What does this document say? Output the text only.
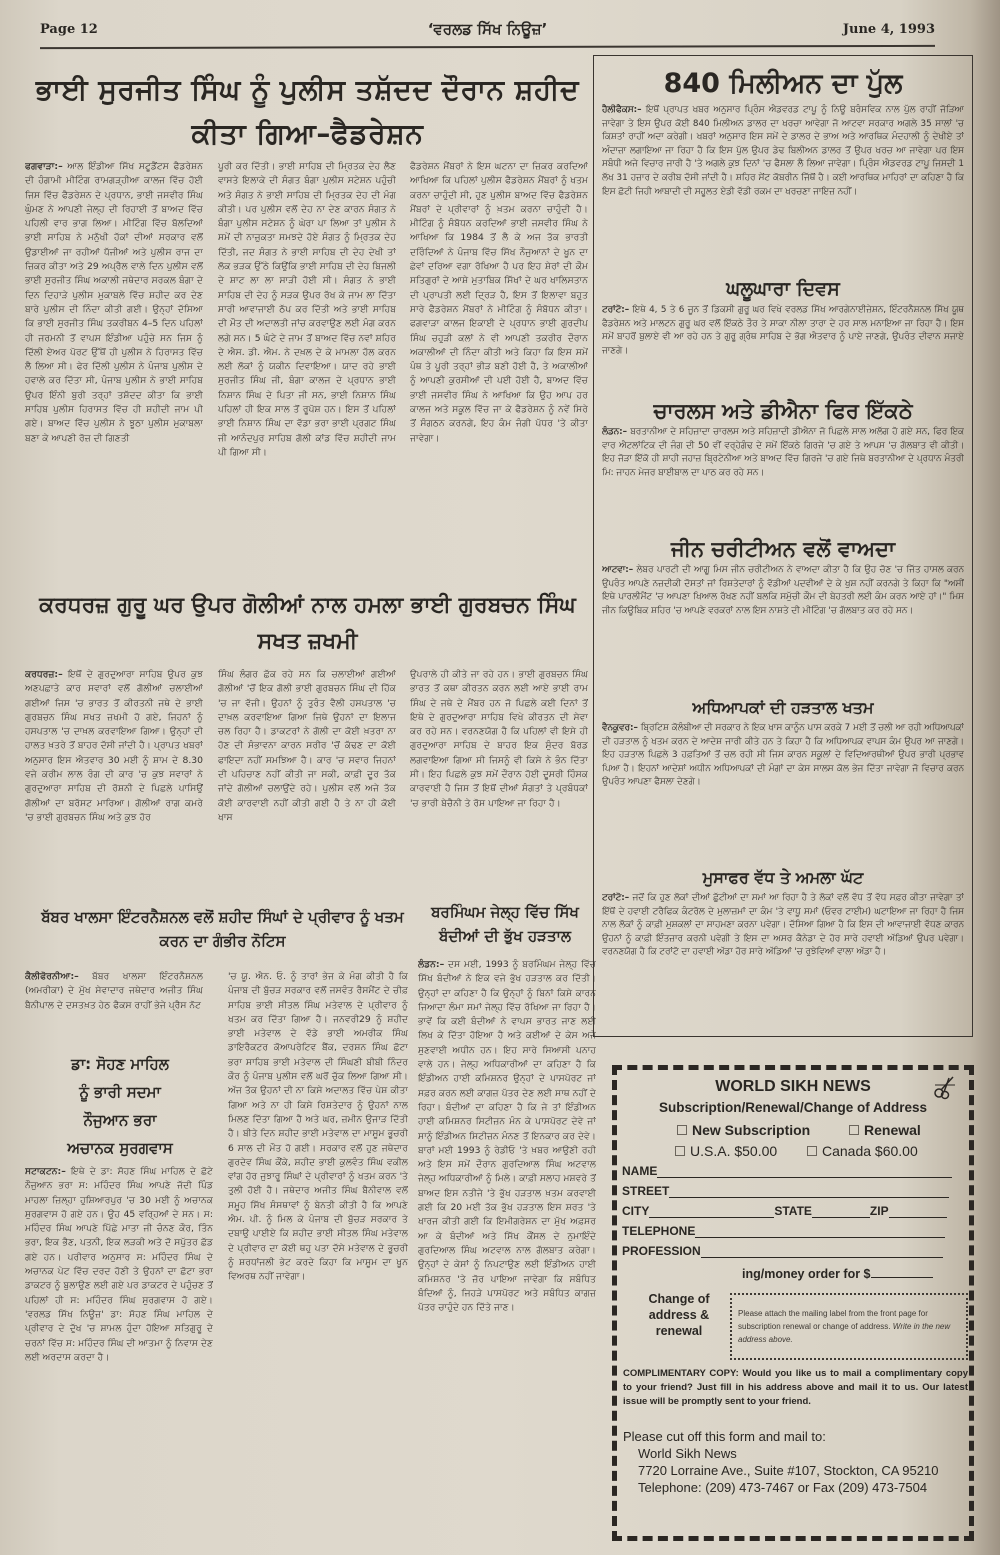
Page 12	‘ਵਰਲਡ ਸਿੱਖ ਨਿਊਜ਼’	June 4, 1993
ਭਾਈ ਸੁਰਜੀਤ ਸਿੰਘ ਨੂੰ ਪੁਲੀਸ ਤਸ਼ੱਦਦ ਦੌਰਾਨ ਸ਼ਹੀਦ ਕੀਤਾ ਗਿਆ–ਫੈਡਰੇਸ਼ਨ
ਫਗਵਾੜਾ:– ਆਲ ਇੰਡੀਆ ਸਿੱਖ ਸਟੂਡੈਂਟਸ ਫੈਡਰੇਸ਼ਨ ਦੀ ਹੰਗਾਮੀ ਮੀਟਿੰਗ ਰਾਮਗੜ੍ਹੀਆ ਕਾਲਜ ਵਿੱਚ ਹੋਈ ਜਿਸ ਵਿੱਚ ਫੈਡਰੇਸ਼ਨ ਦੇ ਪ੍ਰਧਾਨ, ਭਾਈ ਜਸਵੀਰ ਸਿੰਘ ਘੁੰਮਣ ਨੇ ਆਪਣੀ ਜੇਲ੍ਹ ਦੀ ਰਿਹਾਈ ਤੋਂ ਬਾਅਦ ਵਿੱਚ ਪਹਿਲੀ ਵਾਰ ਭਾਗ ਲਿਆ। ਮੀਟਿੰਗ ਵਿੱਚ ਬੋਲਦਿਆਂ ਭਾਈ ਸਾਹਿਬ ਨੇ ਮਨੁੱਖੀ ਹੱਕਾਂ ਦੀਆਂ ਸਰਕਾਰ ਵਲੋਂ ਉਡਾਈਆਂ ਜਾ ਰਹੀਆਂ ਧੱਜੀਆਂ ਅਤੇ ਪੁਲੀਸ ਰਾਜ ਦਾ ਜ਼ਿਕਰ ਕੀਤਾ ਅਤੇ 29 ਅਪ੍ਰੈਲ ਵਾਲੇ ਦਿਨ ਪੁਲੀਸ ਵਲੋਂ ਭਾਈ ਸੁਰਜੀਤ ਸਿੰਘ ਅਕਾਲੀ ਜਥੇਦਾਰ ਸਰਕਲ ਬੰਗਾ ਦੇ ਦਿਨ ਦਿਹਾੜੇ ਪੁਲੀਸ ਮੁਕਾਬਲੇ ਵਿੱਚ ਸ਼ਹੀਦ ਕਰ ਦੇਣ ਬਾਰੇ ਪੁਲੀਸ ਦੀ ਨਿੰਦਾ ਕੀਤੀ ਗਈ। ਉਨ੍ਹਾਂ ਦੱਸਿਆ ਕਿ ਭਾਈ ਸੁਰਜੀਤ ਸਿੰਘ ਤਕਰੀਬਨ 4–5 ਦਿਨ ਪਹਿਲਾਂ ਹੀ ਜਰਮਨੀ ਤੋਂ ਵਾਪਸ ਇੰਡੀਆ ਪਹੁੰਚੇ ਸਨ ਜਿਸ ਨੂੰ ਦਿੱਲੀ ਏਅਰ ਪੋਰਟ ਉੱਥੋਂ ਹੀ ਪੁਲੀਸ ਨੇ ਹਿਰਾਸਤ ਵਿੱਚ ਲੈ ਲਿਆ ਸੀ। ਫੇਰ ਦਿੱਲੀ ਪੁਲੀਸ ਨੇ ਪੰਜਾਬ ਪੁਲੀਸ ਦੇ ਹਵਾਲੇ ਕਰ ਦਿੱਤਾ ਸੀ, ਪੰਜਾਬ ਪੁਲੀਸ ਨੇ ਭਾਈ ਸਾਹਿਬ ਉਪਰ ਇੰਨੀ ਬੁਰੀ ਤਰ੍ਹਾਂ ਤਸ਼ੱਦਦ ਕੀਤਾ ਕਿ ਭਾਈ ਸਾਹਿਬ ਪੁਲੀਸ ਹਿਰਾਸਤ ਵਿੱਚ ਹੀ ਸ਼ਹੀਦੀ ਜਾਮ ਪੀ ਗਏ। ਬਾਅਦ ਵਿੱਚ ਪੁਲੀਸ ਨੇ ਝੂਠਾ ਪੁਲੀਸ ਮੁਕਾਬਲਾ ਬਣਾ ਕੇ ਆਪਣੀ ਰੋਜ਼ ਦੀ ਗਿਣਤੀ
ਪੂਰੀ ਕਰ ਦਿੱਤੀ। ਭਾਈ ਸਾਹਿਬ ਦੀ ਮ੍ਰਿਤਕ ਦੇਹ ਲੈਣ ਵਾਸਤੇ ਇਲਾਕੇ ਦੀ ਸੰਗਤ ਬੰਗਾ ਪੁਲੀਸ ਸਟੇਸ਼ਨ ਪਹੁੰਚੀ ਅਤੇ ਸੰਗਤ ਨੇ ਭਾਈ ਸਾਹਿਬ ਦੀ ਮ੍ਰਿਤਕ ਦੇਹ ਦੀ ਮੰਗ ਕੀਤੀ। ਪਰ ਪੁਲੀਸ ਵਲੋਂ ਦੇਹ ਨਾ ਦੇਣ ਕਾਰਨ ਸੰਗਤ ਨੇ ਬੰਗਾ ਪੁਲੀਸ ਸਟੇਸ਼ਨ ਨੂੰ ਘੇਰਾ ਪਾ ਲਿਆ ਤਾਂ ਪੁਲੀਸ ਨੇ ਸਮੇਂ ਦੀ ਨਾਜ਼ੁਕਤਾ ਸਮਝਦੇ ਹੋਏ ਸੰਗਤ ਨੂੰ ਮ੍ਰਿਤਕ ਦੇਹ ਦਿੱਤੀ, ਜਦ ਸੰਗਤ ਨੇ ਭਾਈ ਸਾਹਿਬ ਦੀ ਦੇਹ ਦੇਖੀ ਤਾਂ ਲੋਕ ਭੜਕ ਉੱਠੇ ਕਿਉਂਕਿ ਭਾਈ ਸਾਹਿਬ ਦੀ ਦੇਹ ਬਿਜਲੀ ਦੇ ਸ਼ਾਟ ਲਾ ਲਾ ਸਾੜੀ ਹੋਈ ਸੀ। ਸੰਗਤ ਨੇ ਭਾਈ ਸਾਹਿਬ ਦੀ ਦੇਹ ਨੂੰ ਸੜਕ ਉਪਰ ਰੱਖ ਕੇ ਜਾਮ ਲਾ ਦਿੱਤਾ ਸਾਰੀ ਆਵਾਜਾਈ ਠੱਪ ਕਰ ਦਿੱਤੀ ਅਤੇ ਭਾਈ ਸਾਹਿਬ ਦੀ ਮੌਤ ਦੀ ਅਦਾਲਤੀ ਜਾਂਚ ਕਰਵਾਉਣ ਲਈ ਮੰਗ ਕਰਨ ਲਗੇ ਸਨ। 5 ਘੰਟੇ ਦੇ ਜਾਮ ਤੋਂ ਬਾਅਦ ਵਿੱਚ ਨਵਾਂ ਸ਼ਹਿਰ ਦੇ ਐਸ. ਡੀ. ਐਮ. ਨੇ ਦਖ਼ਲ ਦੇ ਕੇ ਮਾਮਲਾ ਹੱਲ ਕਰਨ ਲਈ ਲੋਕਾਂ ਨੂੰ ਯਕੀਨ ਦਿਵਾਇਆ। ਯਾਦ ਰਹੇ ਭਾਈ ਸੁਰਜੀਤ ਸਿੰਘ ਜੀ, ਬੰਗਾ ਕਾਲਜ ਦੇ ਪ੍ਰਧਾਨ ਭਾਈ ਨਿਸ਼ਾਨ ਸਿੰਘ ਦੇ ਪਿਤਾ ਜੀ ਸਨ, ਭਾਈ ਨਿਸ਼ਾਨ ਸਿੰਘ ਪਹਿਲਾਂ ਹੀ ਇਕ ਸਾਲ ਤੋਂ ਰੂਪੋਸ਼ ਹਨ। ਇਸ ਤੋਂ ਪਹਿਲਾਂ ਭਾਈ ਨਿਸ਼ਾਨ ਸਿੰਘ ਦਾ ਵੱਡਾ ਭਰਾ ਭਾਈ ਪ੍ਰਗਟ ਸਿੰਘ ਜੀ ਆਨੰਦਪੁਰ ਸਾਹਿਬ ਗੋਲੀ ਕਾਂਡ ਵਿੱਚ ਸ਼ਹੀਦੀ ਜਾਮ ਪੀ ਗਿਆ ਸੀ।
ਫੈਡਰੇਸ਼ਨ ਮੈਂਬਰਾਂ ਨੇ ਇਸ ਘਟਨਾ ਦਾ ਜ਼ਿਕਰ ਕਰਦਿਆਂ ਆਖਿਆ ਕਿ ਪਹਿਲਾਂ ਪੁਲੀਸ ਫੈਡਰੇਸ਼ਨ ਮੈਂਬਰਾਂ ਨੂੰ ਖਤਮ ਕਰਨਾ ਚਾਹੁੰਦੀ ਸੀ, ਹੁਣ ਪੁਲੀਸ ਬਾਅਦ ਵਿੱਚ ਫੈਡਰੇਸ਼ਨ ਮੈਂਬਰਾਂ ਦੇ ਪ੍ਰੀਵਾਰਾਂ ਨੂੰ ਖ਼ਤਮ ਕਰਨਾ ਚਾਹੁੰਦੀ ਹੈ। ਮੀਟਿੰਗ ਨੂੰ ਸੰਬੋਧਨ ਕਰਦਿਆਂ ਭਾਈ ਜਸਵੀਰ ਸਿੰਘ ਨੇ ਆਖਿਆ ਕਿ 1984 ਤੋਂ ਲੈ ਕੇ ਅਜ ਤੱਕ ਭਾਰਤੀ ਦਰਿੰਦਿਆਂ ਨੇ ਪੰਜਾਬ ਵਿੱਚ ਸਿੱਖ ਨੌਜੁਆਨਾਂ ਦੇ ਖੂਨ ਦਾ ਛੇਵਾਂ ਦਰਿਆ ਵਗਾ ਰੱਖਿਆ ਹੈ ਪਰ ਇਹ ਸ਼ੇਰਾਂ ਦੀ ਕੌਮ ਸਤਿਗੁਰਾਂ ਦੇ ਆਸ਼ੇ ਮੁਤਾਬਿਕ ਸਿੱਖਾਂ ਦੇ ਘਰ ਖਾਲਿਸਤਾਨ ਦੀ ਪ੍ਰਾਪਤੀ ਲਈ ਦ੍ਰਿੜ ਹੈ, ਇਸ ਤੋਂ ਇਲਾਵਾ ਬਹੁਤ ਸਾਰੇ ਫੈਡਰੇਸ਼ਨ ਮੈਂਬਰਾਂ ਨੇ ਮੀਟਿੰਗ ਨੂੰ ਸੰਬੋਧਨ ਕੀਤਾ। ਫਗਵਾੜਾ ਕਾਲਜ ਇਕਾਈ ਦੇ ਪ੍ਰਧਾਨ ਭਾਈ ਗੁਰਦੀਪ ਸਿੰਘ ਚਹੁੜੀ ਕਲਾਂ ਨੇ ਵੀ ਆਪਣੀ ਤਕਰੀਰ ਦੌਰਾਨ ਅਕਾਲੀਆਂ ਦੀ ਨਿੰਦਾ ਕੀਤੀ ਅਤੇ ਕਿਹਾ ਕਿ ਇਸ ਸਮੇਂ ਪੰਥ ਤੇ ਪੂਰੀ ਤਰ੍ਹਾਂ ਭੀੜ ਬਣੀ ਹੋਈ ਹੈ, ਤੇ ਅਕਾਲੀਆਂ ਨੂੰ ਆਪਣੀ ਕੁਰਸੀਆਂ ਦੀ ਪਈ ਹੋਈ ਹੈ, ਬਾਅਦ ਵਿੱਚ ਭਾਈ ਜਸਵੀਰ ਸਿੰਘ ਨੇ ਆਖਿਆ ਕਿ ਉਹ ਆਪ ਹਰ ਕਾਲਜ ਅਤੇ ਸਕੂਲ ਵਿੱਚ ਜਾ ਕੇ ਫੈਡਰੇਸ਼ਨ ਨੂੰ ਨਵੇਂ ਸਿਰੇ ਤੋਂ ਸੰਗਠਨ ਕਰਨਗੇ, ਇਹ ਕੰਮ ਜੰਗੀ ਪੱਧਰ 'ਤੇ ਕੀਤਾ ਜਾਵੇਗਾ।
ਕਰਧਰਜ਼ ਗੁਰੂ ਘਰ ਉਪਰ ਗੋਲੀਆਂ ਨਾਲ ਹਮਲਾ ਭਾਈ ਗੁਰਬਚਨ ਸਿੰਘ ਸਖਤ ਜ਼ਖਮੀ
ਕਰਧਰਜ਼:– ਇਥੋਂ ਦੇ ਗੁਰਦੁਆਰਾ ਸਾਹਿਬ ਉਪਰ ਕੁਝ ਅਣਪਛਾਤੇ ਕਾਰ ਸਵਾਰਾਂ ਵਲੋਂ ਗੋਲੀਆਂ ਚਲਾਈਆਂ ਗਈਆਂ ਜਿਸ 'ਚ ਭਾਰਤ ਤੋਂ ਕੀਰਤਨੀ ਜਥੇ ਦੇ ਭਾਈ ਗੁਰਬਚਨ ਸਿੰਘ ਸਖਤ ਜ਼ਖਮੀ ਹੋ ਗਏ, ਜਿਹਨਾਂ ਨੂੰ ਹਸਪਤਾਲ 'ਚ ਦਾਖ਼ਲ ਕਰਵਾਇਆ ਗਿਆ। ਉਨ੍ਹਾਂ ਦੀ ਹਾਲਤ ਖ਼ਤਰੇ ਤੋਂ ਬਾਹਰ ਦੱਸੀ ਜਾਂਦੀ ਹੈ। ਪ੍ਰਾਪਤ ਖਬਰਾਂ ਅਨੁਸਾਰ ਇਸ ਐਤਵਾਰ 30 ਮਈ ਨੂੰ ਸ਼ਾਮ ਦੇ 8.30 ਵਜੇ ਕਰੀਮ ਲਾਲ ਰੰਗ ਦੀ ਕਾਰ 'ਚ ਕੁਝ ਸਵਾਰਾਂ ਨੇ ਗੁਰਦੁਆਰਾ ਸਾਹਿਬ ਦੀ ਰੋਸ਼ਨੀ ਦੇ ਪਿਛਲੇ ਪਾਸਿਉਂ ਗੋਲੀਆਂ ਦਾ ਬਰੱਸਟ ਮਾਰਿਆ। ਗੋਲੀਆਂ ਰਾਗ ਕਮਰੇ 'ਚ ਭਾਈ ਗੁਰਬਚਨ ਸਿੰਘ ਅਤੇ ਕੁਝ ਹੋਰ
ਸਿੰਘ ਲੰਗਰ ਛੱਕ ਰਹੇ ਸਨ ਕਿ ਚਲਾਈਆਂ ਗਈਆਂ ਗੋਲੀਆਂ 'ਚੋਂ ਇਕ ਗੋਲੀ ਭਾਈ ਗੁਰਬਚਨ ਸਿੰਘ ਦੀ ਹਿੱਕ 'ਚ ਜਾ ਵੱਜੀ। ਉਹਨਾਂ ਨੂੰ ਤੁਰੰਤ ਵੈਲੀ ਹਸਪਤਾਲ 'ਚ ਦਾਖ਼ਲ ਕਰਵਾਇਆ ਗਿਆ ਜਿਥੇ ਉਹਨਾਂ ਦਾ ਇਲਾਜ ਚਲ ਰਿਹਾ ਹੈ। ਡਾਕਟਰਾਂ ਨੇ ਗੋਲੀ ਦਾ ਕੋਈ ਖ਼ਤਰਾ ਨਾ ਹੋਣ ਦੀ ਸੰਭਾਵਨਾ ਕਾਰਨ ਸਰੀਰ 'ਚੋਂ ਕੱਢਣ ਦਾ ਕੋਈ ਫਾਇਦਾ ਨਹੀਂ ਸਮਝਿਆ ਹੈ। ਕਾਰ 'ਚ ਸਵਾਰ ਜਿਹਨਾਂ ਦੀ ਪਹਿਚਾਣ ਨਹੀਂ ਕੀਤੀ ਜਾ ਸਕੀ, ਕਾਫ਼ੀ ਦੂਰ ਤੱਕ ਜਾਂਦੇ ਗੋਲੀਆਂ ਚਲਾਉਂਦੇ ਰਹੇ। ਪੁਲੀਸ ਵਲੋਂ ਅਜੇ ਤੱਕ ਕੋਈ ਕਾਰਵਾਈ ਨਹੀਂ ਕੀਤੀ ਗਈ ਹੈ ਤੇ ਨਾ ਹੀ ਕੋਈ ਖਾਸ
ਉਪਰਾਲੇ ਹੀ ਕੀਤੇ ਜਾ ਰਹੇ ਹਨ। ਭਾਈ ਗੁਰਬਚਨ ਸਿੰਘ ਭਾਰਤ ਤੋਂ ਕਥਾ ਕੀਰਤਨ ਕਰਨ ਲਈ ਆਏ ਭਾਈ ਰਾਮ ਸਿੰਘ ਦੇ ਜਥੇ ਦੇ ਮੈਂਬਰ ਹਨ ਜੋ ਪਿਛਲੇ ਕਈ ਦਿਨਾਂ ਤੋਂ ਇਥੇ ਦੇ ਗੁਰਦੁਆਰਾ ਸਾਹਿਬ ਵਿਖੇ ਕੀਰਤਨ ਦੀ ਸੇਵਾ ਕਰ ਰਹੇ ਸਨ। ਵਰਨਣਯੋਗ ਹੈ ਕਿ ਪਹਿਲਾਂ ਵੀ ਇਸੇ ਹੀ ਗੁਰਦੁਆਰਾ ਸਾਹਿਬ ਦੇ ਬਾਹਰ ਇਕ ਸੁੰਦਰ ਬੋਰਡ ਲਗਵਾਇਆ ਗਿਆ ਸੀ ਜਿਸਨੂੰ ਵੀ ਕਿਸੇ ਨੇ ਭੰਨ ਦਿੱਤਾ ਸੀ। ਇਹ ਪਿਛਲੇ ਕੁਝ ਸਮੇਂ ਦੌਰਾਨ ਹੋਈ ਦੂਸਰੀ ਹਿੰਸਕ ਕਾਰਵਾਈ ਹੈ ਜਿਸ ਤੋਂ ਇਥੋਂ ਦੀਆਂ ਸੰਗਤਾਂ ਤੇ ਪ੍ਰਬੰਧਕਾਂ 'ਚ ਭਾਰੀ ਬੇਚੈਨੀ ਤੇ ਰੋਸ ਪਾਇਆ ਜਾ ਰਿਹਾ ਹੈ।
ਬੱਬਰ ਖਾਲਸਾ ਇੰਟਰਨੈਸ਼ਨਲ ਵਲੋਂ ਸ਼ਹੀਦ ਸਿੰਘਾਂ ਦੇ ਪ੍ਰੀਵਾਰ ਨੂੰ ਖਤਮ ਕਰਨ ਦਾ ਗੰਭੀਰ ਨੋਟਿਸ
ਕੈਲੀਫੋਰਨੀਆ:– ਬੱਬਰ ਖਾਲਸਾ ਇੰਟਰਨੈਸ਼ਨਲ (ਅਮਰੀਕਾ) ਦੇ ਮੁੱਖ ਸੇਵਾਦਾਰ ਜਥੇਦਾਰ ਅਜੀਤ ਸਿੰਘ ਬੈਨੀਪਾਲ ਦੇ ਦਸਤਖ਼ਤ ਹੇਠ ਫੈਕਸ ਰਾਹੀਂ ਭੇਜੇ ਪ੍ਰੈਸ ਨੋਟ
'ਚ ਯੂ. ਐਨ. ਓ. ਨੂੰ ਤਾਰਾਂ ਭੇਜ ਕੇ ਮੰਗ ਕੀਤੀ ਹੈ ਕਿ ਪੰਜਾਬ ਦੀ ਬੁੱਚੜ ਸਰਕਾਰ ਵਲੋਂ ਜਸਵੰਤ ਰੈਸਮੈਂਟ ਦੇ ਚੀਫ਼ ਸਾਹਿਬ ਭਾਈ ਸੀਤਲ ਸਿੰਘ ਮਤੇਵਾਲ ਦੇ ਪ੍ਰੀਵਾਰ ਨੂੰ ਖਤਮ ਕਰ ਦਿੱਤਾ ਗਿਆ ਹੈ। ਜਨਵਰੀ29 ਨੂੰ ਸ਼ਹੀਦ ਭਾਈ ਮਤੇਵਾਲ ਦੇ ਵੱਡੇ ਭਾਈ ਅਮਰੀਕ ਸਿੰਘ ਡਾਇਰੈਕਟਰ ਕੋਆਪਰੇਟਿਵ ਬੈਂਕ, ਦਰਸ਼ਨ ਸਿੰਘ ਛੋਟਾ ਭਰਾ ਸਾਹਿਬ ਭਾਈ ਮਤੇਵਾਲ ਦੀ ਸਿੰਘਣੀ ਬੀਬੀ ਨਿੰਦਰ ਕੌਰ ਨੂੰ ਪੰਜਾਬ ਪੁਲੀਸ ਵਲੋਂ ਘਰੋਂ ਚੁੱਕ ਲਿਆ ਗਿਆ ਸੀ। ਅੱਜ ਤੱਕ ਉਹਨਾਂ ਦੀ ਨਾ ਕਿਸੇ ਅਦਾਲਤ ਵਿੱਚ ਪੇਸ਼ ਕੀਤਾ ਗਿਆ ਅਤੇ ਨਾ ਹੀ ਕਿਸੇ ਰਿਸ਼ਤੇਦਾਰ ਨੂੰ ਉਹਨਾਂ ਨਾਲ ਮਿਲਣ ਦਿੱਤਾ ਗਿਆ ਹੈ ਅਤੇ ਘਰ, ਜ਼ਮੀਨ ਉਜਾੜ ਦਿੱਤੀ ਹੈ। ਬੀਤੇ ਦਿਨ ਸ਼ਹੀਦ ਭਾਈ ਮਤੇਵਾਲ ਦਾ ਮਾਸੂਮ ਭੂਚਰੀ 6 ਸਾਲ ਦੀ ਮੌਤ ਹੋ ਗਈ। ਸਰਕਾਰ ਵਲੋਂ ਹੁਣ ਜਥੇਦਾਰ ਗੁਰਦੇਵ ਸਿੰਘ ਕੌਂਕੇ, ਸ਼ਹੀਦ ਭਾਈ ਕੁਲਵੰਤ ਸਿੰਘ ਵਕੀਲ ਵਾਂਗ ਹੋਰ ਜੁਝਾਰੂ ਸਿੰਘਾਂ ਦੇ ਪ੍ਰੀਵਾਰਾਂ ਨੂੰ ਖਤਮ ਕਰਨ 'ਤੇ ਤੁਲੀ ਹੋਈ ਹੈ। ਜਥੇਦਾਰ ਅਜੀਤ ਸਿੰਘ ਬੈਨੀਵਾਲ ਵਲੋਂ ਸਮੂਹ ਸਿੱਖ ਸੰਸਥਾਵਾਂ ਨੂੰ ਬੇਨਤੀ ਕੀਤੀ ਹੈ ਕਿ ਆਪਣੇ ਐਮ. ਪੀ. ਨੂੰ ਮਿਲ ਕੇ ਪੰਜਾਬ ਦੀ ਬੁੱਚੜ ਸਰਕਾਰ ਤੇ ਦਬਾਉ ਪਾਈਏ ਕਿ ਸ਼ਹੀਦ ਭਾਈ ਸੀਤਲ ਸਿੰਘ ਮਤੇਵਾਲ ਦੇ ਪ੍ਰੀਵਾਰ ਦਾ ਕੋਈ ਥਹੁ ਪਤਾ ਦੱਸੇ ਮਤੇਵਾਲ ਦੇ ਭੂਚਰੀ ਨੂੰ ਸ਼ਰਧਾਂਜਲੀ ਭੇਟ ਕਰਦੇ ਕਿਹਾ ਕਿ ਮਾਸੂਮ ਦਾ ਖੂਨ ਵਿਅਰਥ ਨਹੀਂ ਜਾਵੇਗਾ।
ਡਾ: ਸੋਹਣ ਮਾਹਿਲ
ਨੂੰ ਭਾਰੀ ਸਦਮਾ
ਨੌਜੁਆਨ ਭਰਾ
ਅਚਾਨਕ ਸੁਰਗਵਾਸ
ਸਟਾਕਟਨ:– ਇਥੇ ਦੇ ਡਾ: ਸੋਹਣ ਸਿੰਘ ਮਾਹਿਲ ਦੇ ਛੋਟੇ ਨੌਜੁਆਨ ਭਰਾ ਸ: ਮਹਿੰਦਰ ਸਿੰਘ ਆਪਣੇ ਜੱਦੀ ਪਿੰਡ ਮਾਹਲਾ ਜ਼ਿਲ੍ਹਾ ਹੁਸ਼ਿਆਰਪੁਰ 'ਚ 30 ਮਈ ਨੂੰ ਅਚਾਨਕ ਸੁਰਗਵਾਸ ਹੋ ਗਏ ਹਨ। ਉਹ 45 ਵਰ੍ਹਿਆਂ ਦੇ ਸਨ। ਸ: ਮਹਿੰਦਰ ਸਿੰਘ ਆਪਣੇ ਪਿੱਛੇ ਮਾਤਾ ਜੀ ਚੰਨਣ ਕੌਰ, ਤਿੰਨ ਭਰਾ, ਇਕ ਭੈਣ, ਪਤਨੀ, ਇਕ ਲੜਕੀ ਅਤੇ ਦੋ ਸਪੁੱਤਰ ਛੱਡ ਗਏ ਹਨ। ਪਰੀਵਾਰ ਅਨੁਸਾਰ ਸ: ਮਹਿੰਦਰ ਸਿੰਘ ਦੇ ਅਚਾਨਕ ਪੇਟ ਵਿੱਚ ਦਰਦ ਹੋਣੀ ਤੇ ਉਹਨਾਂ ਦਾ ਛੋਟਾ ਭਰਾ ਡਾਕਟਰ ਨੂੰ ਬੁਲਾਉਣ ਲਈ ਗਏ ਪਰ ਡਾਕਟਰ ਦੇ ਪਹੁੰਚਣ ਤੋਂ ਪਹਿਲਾਂ ਹੀ ਸ: ਮਹਿੰਦਰ ਸਿੰਘ ਸੁਰਗਵਾਸ ਹੋ ਗਏ। 'ਵਰਲਡ ਸਿੱਖ ਨਿਊਜ਼' ਡਾ: ਸੋਹਣ ਸਿੰਘ ਮਾਹਿਲ ਦੇ ਪ੍ਰੀਵਾਰ ਦੇ ਦੁੱਖ 'ਚ ਸ਼ਾਮਲ ਹੁੰਦਾ ਹੋਇਆ ਸਤਿਗੁਰੂ ਦੇ ਚਰਨਾਂ ਵਿੱਚ ਸ: ਮਹਿੰਦਰ ਸਿੰਘ ਦੀ ਆਤਮਾ ਨੂੰ ਨਿਵਾਸ ਦੇਣ ਲਈ ਅਰਦਾਸ ਕਰਦਾ ਹੈ।
ਬਰਮਿੰਘਮ ਜੇਲ੍ਹ ਵਿੱਚ ਸਿੱਖ ਬੰਦੀਆਂ ਦੀ ਭੁੱਖ ਹੜਤਾਲ
ਲੰਡਨ:– ਦਸ ਮਈ, 1993 ਨੂੰ ਬਰਮਿੰਘਮ ਜੇਲ੍ਹ ਵਿੱਚ ਸਿੱਖ ਬੰਦੀਆਂ ਨੇ ਇਕ ਵਜੇ ਭੁੱਖ ਹੜਤਾਲ ਕਰ ਦਿੱਤੀ। ਉਨ੍ਹਾਂ ਦਾ ਕਹਿਣਾ ਹੈ ਕਿ ਉਨ੍ਹਾਂ ਨੂੰ ਬਿਨਾਂ ਕਿਸੇ ਕਾਰਨ ਜਿਆਦਾ ਲੰਮਾ ਸਮਾਂ ਜੇਲ੍ਹ ਵਿੱਚ ਰੱਖਿਆ ਜਾ ਰਿਹਾ ਹੈ। ਭਾਵੇਂ ਕਿ ਕਈ ਬੰਦੀਆਂ ਨੇ ਵਾਪਸ ਭਾਰਤ ਜਾਣ ਲਈ ਲਿਖ ਕੇ ਦਿੱਤਾ ਹੋਇਆ ਹੈ ਅਤੇ ਕਈਆਂ ਦੇ ਕੇਸ ਅਜੇ ਸੁਣਵਾਈ ਅਧੀਨ ਹਨ। ਇਹ ਸਾਰੇ ਸਿਆਸੀ ਪਨਾਹ ਵਾਲੇ ਹਨ। ਜੇਲ੍ਹ ਅਧਿਕਾਰੀਆਂ ਦਾ ਕਹਿਣਾ ਹੈ ਕਿ ਇੰਡੀਅਨ ਹਾਈ ਕਮਿਸ਼ਨਰ ਉਨ੍ਹਾਂ ਦੇ ਪਾਸਪੋਰਟ ਜਾਂ ਸਫ਼ਰ ਕਰਨ ਲਈ ਕਾਗਜ਼ ਪੱਤਰ ਦੇਣ ਲਈ ਸਾਥ ਨਹੀਂ ਦੇ ਰਿਹਾ। ਬੰਦੀਆਂ ਦਾ ਕਹਿਣਾ ਹੈ ਕਿ ਜੇ ਤਾਂ ਇੰਡੀਅਨ ਹਾਈ ਕਮਿਸ਼ਨਰ ਸਿਟੀਜ਼ਨ ਮੰਨ ਕੇ ਪਾਸਪੋਰਟ ਦੇਵੇ ਜਾਂ ਸਾਨੂੰ ਇੰਡੀਅਨ ਸਿਟੀਜ਼ਨ ਮੰਨਣ ਤੋਂ ਇਨਕਾਰ ਕਰ ਦੇਵੇ। ਬਾਰਾਂ ਮਈ 1993 ਨੂੰ ਰੇਡੀਓ 'ਤੇ ਖ਼ਬਰ ਆਉਣੀ ਰਹੀ ਅਤੇ ਇਸ ਸਮੇਂ ਦੌਰਾਨ ਗੁਰਦਿਆਲ ਸਿੰਘ ਅਟਵਾਲ ਜੇਲ੍ਹ ਅਧਿਕਾਰੀਆਂ ਨੂੰ ਮਿਲੇ। ਕਾਫ਼ੀ ਸਲਾਹ ਮਸ਼ਵਰੇ ਤੋਂ ਬਾਅਦ ਇਸ ਨਤੀਜੇ 'ਤੇ ਭੁੱਖ ਹੜਤਾਲ ਖ਼ਤਮ ਕਰਵਾਈ ਗਈ ਕਿ 20 ਮਈ ਤੱਕ ਭੁੱਖ ਹੜਤਾਲ ਇਸ ਸ਼ਰਤ 'ਤੇ ਖਾਰਜ ਕੀਤੀ ਗਈ ਕਿ ਇਮੀਗਰੇਸ਼ਨ ਦਾ ਮੁੱਖ ਅਫ਼ਸਰ ਆ ਕੇ ਬੰਦੀਆਂ ਅਤੇ ਸਿੱਖ ਕੌਂਸਲ ਦੇ ਨੁਮਾਇੰਦੇ ਗੁਰਦਿਆਲ ਸਿੰਘ ਅਟਵਾਲ ਨਾਲ ਗੱਲਬਾਤ ਕਰੇਗਾ। ਉਨ੍ਹਾਂ ਦੇ ਕੇਸਾਂ ਨੂੰ ਨਿਪਟਾਉਣ ਲਈ ਇੰਡੀਅਨ ਹਾਈ ਕਮਿਸ਼ਨਰ 'ਤੇ ਜ਼ੋਰ ਪਾਇਆ ਜਾਵੇਗਾ ਕਿ ਸਬੰਧਿਤ ਬੰਦਿਆਂ ਨੂੰ, ਜਿਹੜੇ ਪਾਸਪੋਰਟ ਅਤੇ ਸਬੰਧਿਤ ਕਾਗਜ਼ ਪੱਤਰ ਚਾਹੁੰਦੇ ਹਨ ਦਿੱਤੇ ਜਾਣ।
840 ਮਿਲੀਅਨ ਦਾ ਪੁੱਲ
ਹੈਲੀਫੈਕਸ:– ਇਥੋਂ ਪ੍ਰਾਪਤ ਖਬਰ ਅਨੁਸਾਰ ਪ੍ਰਿੰਸ ਐਡਵਰਡ ਟਾਪੂ ਨੂੰ ਨਿਊ ਬਰੰਸਵਿਕ ਨਾਲ ਪੁੱਲ ਰਾਹੀਂ ਜੋੜਿਆ ਜਾਵੇਗਾ ਤੇ ਇਸ ਉਪਰ ਕੋਈ 840 ਮਿਲੀਅਨ ਡਾਲਰ ਦਾ ਖਰਚਾ ਆਵੇਗਾ ਜੋ ਆਟਵਾ ਸਰਕਾਰ ਅਗਲੇ 35 ਸਾਲਾਂ 'ਚ ਕਿਸ਼ਤਾਂ ਰਾਹੀਂ ਅਦਾ ਕਰੇਗੀ। ਖਬਰਾਂ ਅਨੁਸਾਰ ਇਸ ਸਮੇਂ ਦੇ ਡਾਲਰ ਦੇ ਭਾਅ ਅਤੇ ਆਰਥਿਕ ਮੰਦਹਾਲੀ ਨੂੰ ਦੇਖੀਏ ਤਾਂ ਅੰਦਾਜ਼ਾ ਲਗਾਇਆ ਜਾ ਰਿਹਾ ਹੈ ਕਿ ਇਸ ਪੁੱਲ ਉਪਰ ਡੇਢ ਬਿਲੀਅਨ ਡਾਲਰ ਤੋਂ ਉਪਰ ਖਰਚ ਆ ਜਾਵੇਗਾ ਪਰ ਇਸ ਸਬੰਧੀ ਅਜੇ ਵਿਚਾਰ ਜਾਰੀ ਹੈ 'ਤੇ ਅਗਲੇ ਕੁਝ ਦਿਨਾਂ 'ਚ ਫੈਸਲਾ ਲੈ ਲਿਆ ਜਾਵੇਗਾ। ਪ੍ਰਿੰਸ ਐਡਵਰਡ ਟਾਪੂ ਜਿਸਦੀ 1 ਲੱਖ 31 ਹਜ਼ਾਰ ਦੇ ਕਰੀਬ ਦੱਸੀ ਜਾਂਦੀ ਹੈ। ਸ਼ਹਿਰ ਸੇਂਟ ਕੋਬਰੀਨ ਜਿੱਥੋਂ ਹੈ। ਕਈ ਆਰਥਿਕ ਮਾਹਿਰਾਂ ਦਾ ਕਹਿਣਾ ਹੈ ਕਿ ਇਸ ਛੋਟੀ ਜਿਹੀ ਆਬਾਦੀ ਦੀ ਸਹੂਲਤ ਏਡੀ ਵੱਡੀ ਰਕਮ ਦਾ ਖਰਚਣਾ ਜਾਇਜ਼ ਨਹੀਂ।
ਘਲੂਘਾਰਾ ਦਿਵਸ
ਟਰਾਂਟੋ:– ਇਥੇ 4, 5 ਤੇ 6 ਜੂਨ ਤੋਂ ਡਿਕਸੀ ਗੁਰੂ ਘਰ ਵਿਖੇ ਵਰਲਡ ਸਿੱਖ ਆਰਗੇਨਾਈਜ਼ੇਸ਼ਨ, ਇੰਟਰਨੈਸ਼ਨਲ ਸਿੱਖ ਯੂਥ ਫੈਡਰੇਸ਼ਨ ਅਤੇ ਮਾਲਟਨ ਗੁਰੂ ਘਰ ਵਲੋਂ ਇੱਕਠੇ ਤੌਰ ਤੇ ਸਾਕਾ ਨੀਲਾ ਤਾਰਾ ਦੇ ਹਰ ਸਾਲ ਮਨਾਇਆ ਜਾ ਰਿਹਾ ਹੈ। ਇਸ ਸਮੇਂ ਬਾਹਰੋਂ ਬੁਲਾਏ ਵੀ ਆ ਰਹੇ ਹਨ ਤੇ ਗੁਰੂ ਗ੍ਰੰਥ ਸਾਹਿਬ ਦੇ ਭੋਗ ਐਤਵਾਰ ਨੂੰ ਪਾਏ ਜਾਣਗੇ, ਉਪਰੰਤ ਦੀਵਾਨ ਸਜਾਏ ਜਾਣਗੇ।
ਚਾਰਲਸ ਅਤੇ ਡੀਐਨਾ ਫਿਰ ਇੱਕਠੇ
ਲੰਡਨ:– ਬਰਤਾਨੀਆ ਦੇ ਸਹਿਜ਼ਾਦਾ ਚਾਰਲਸ ਅਤੇ ਸਹਿਜ਼ਾਦੀ ਡੀਐਨਾ ਜੋ ਪਿਛਲੇ ਸਾਲ ਅਲੱਗ ਹੋ ਗਏ ਸਨ, ਫਿਰ ਇਕ ਵਾਰ ਐਟਲਾਂਟਿਕ ਦੀ ਜੰਗ ਦੀ 50 ਵੀਂ ਵਰ੍ਹੇਗੰਢ ਦੇ ਸਮੇਂ ਇੱਕਠੇ ਗਿਰਜੇ 'ਚ ਗਏ ਤੇ ਆਪਸ 'ਚ ਗੱਲਬਾਤ ਵੀ ਕੀਤੀ। ਇਹ ਜੋੜਾ ਇੱਕੋ ਹੀ ਸ਼ਾਹੀ ਜਹਾਜ਼ ਬ੍ਰਿਟੇਨੀਆ ਅਤੇ ਬਾਅਦ ਵਿੱਚ ਗਿਰਜੇ 'ਚ ਗਏ ਜਿਥੇ ਬਰਤਾਨੀਆ ਦੇ ਪ੍ਰਧਾਨ ਮੰਤਰੀ ਮਿ: ਜਾਹਨ ਮੇਜਰ ਬਾਈਬਾਲ ਦਾ ਪਾਠ ਕਰ ਰਹੇ ਸਨ।
ਜੀਨ ਚਰੀਟੀਅਨ ਵਲੋਂ ਵਾਅਦਾ
ਆਟਵਾ:– ਲੇਬਰ ਪਾਰਟੀ ਦੀ ਆਗੂ ਮਿਸ ਜੀਨ ਚਰੀਟੀਅਨ ਨੇ ਵਾਅਦਾ ਕੀਤਾ ਹੈ ਕਿ ਉਹ ਚੋਣ 'ਚ ਜਿੱਤ ਹਾਸਲ ਕਰਨ ਉਪਰੰਤ ਆਪਣੇ ਨਜ਼ਦੀਕੀ ਦੋਸਤਾਂ ਜਾਂ ਰਿਸ਼ਤੇਦਾਰਾਂ ਨੂੰ ਵੱਡੀਆਂ ਪਦਵੀਆਂ ਦੇ ਕੇ ਖੁਸ਼ ਨਹੀਂ ਕਰਨਗੇ ਤੇ ਕਿਹਾ ਕਿ "ਅਸੀਂ ਇਥੇ ਪਾਰਲੀਮੈਂਟ 'ਚ ਆਪਣਾ ਖਿਆਲ ਰੱਖਣ ਨਹੀਂ ਬਲਕਿ ਸਮੁੱਚੀ ਕੌਮ ਦੀ ਬੇਹਤਰੀ ਲਈ ਕੰਮ ਕਰਨ ਆਏ ਹਾਂ।" ਮਿਸ ਜੀਨ ਕਿਊਬਿਕ ਸ਼ਹਿਰ 'ਚ ਆਪਣੇ ਵਰਕਰਾਂ ਨਾਲ ਇਸ ਨਾਸ਼ਤੇ ਦੀ ਮੀਟਿੰਗ 'ਚ ਗੱਲਬਾਤ ਕਰ ਰਹੇ ਸਨ।
ਅਧਿਆਪਕਾਂ ਦੀ ਹੜਤਾਲ ਖਤਮ
ਵੈਨਕੂਵਰ:– ਬ੍ਰਿਟਿਸ਼ ਕੋਲੰਬੀਆ ਦੀ ਸਰਕਾਰ ਨੇ ਇਕ ਖਾਸ ਕਾਨੂੰਨ ਪਾਸ ਕਰਕੇ 7 ਮਈ ਤੋਂ ਚਲੀ ਆ ਰਹੀ ਅਧਿਆਪਕਾਂ ਦੀ ਹੜਤਾਲ ਨੂੰ ਖਤਮ ਕਰਨ ਦੇ ਆਦੇਸ਼ ਜਾਰੀ ਕੀਤੇ ਹਨ ਤੇ ਕਿਹਾ ਹੈ ਕਿ ਅਧਿਆਪਕ ਵਾਪਸ ਕੰਮ ਉਪਰ ਆ ਜਾਣਗੇ। ਇਹ ਹੜਤਾਲ ਪਿਛਲੇ 3 ਹਫ਼ਤਿਆਂ ਤੋਂ ਚਲ ਰਹੀ ਸੀ ਜਿਸ ਕਾਰਨ ਸਕੂਲਾਂ ਦੇ ਵਿਦਿਆਰਥੀਆਂ ਉਪਰ ਭਾਰੀ ਪ੍ਰਭਾਵ ਪਿਆ ਹੈ। ਇਹਨਾਂ ਆਦੇਸ਼ਾਂ ਅਧੀਨ ਅਧਿਆਪਕਾਂ ਦੀ ਮੰਗਾਂ ਦਾ ਕੇਸ ਸਾਲਸ ਕੋਲ ਭੇਜ ਦਿੱਤਾ ਜਾਵੇਗਾ ਜੋ ਵਿਚਾਰ ਕਰਨ ਉਪਰੰਤ ਆਪਣਾ ਫੈਸਲਾ ਦੇਣਗੇ।
ਮੁਸਾਫਰ ਵੱਧ ਤੇ ਅਮਲਾ ਘੱਟ
ਟਰਾਂਟੋ:– ਜਦੋਂ ਕਿ ਹੁਣ ਲੋਕਾਂ ਦੀਆਂ ਛੁੱਟੀਆਂ ਦਾ ਸਮਾਂ ਆ ਰਿਹਾ ਹੈ ਤੇ ਲੋਕਾਂ ਵਲੋਂ ਵੱਧ ਤੋਂ ਵੱਧ ਸਫ਼ਰ ਕੀਤਾ ਜਾਵੇਗਾ ਤਾਂ ਇੱਥੋਂ ਦੇ ਹਵਾਈ ਟਰੈਫਿਕ ਕੰਟਰੋਲ ਦੇ ਮੁਲਾਜ਼ਮਾਂ ਦਾ ਕੰਮ 'ਤੇ ਵਾਧੂ ਸਮਾਂ (ਓਵਰ ਟਾਈਮ) ਘਟਾਇਆ ਜਾ ਰਿਹਾ ਹੈ ਜਿਸ ਨਾਲ ਲੋਕਾਂ ਨੂੰ ਕਾਫ਼ੀ ਮੁਸ਼ਕਲਾਂ ਦਾ ਸਾਹਮਣਾ ਕਰਨਾ ਪਵੇਗਾ। ਦੱਸਿਆ ਗਿਆ ਹੈ ਕਿ ਇਸ ਦੀ ਆਵਾਜਾਈ ਵੱਧਣ ਕਾਰਨ ਉਹਨਾਂ ਨੂੰ ਕਾਫ਼ੀ ਇੰਤਜ਼ਾਰ ਕਰਨੀ ਪਵੇਗੀ ਤੇ ਇਸ ਦਾ ਅਸਰ ਕੈਨੇਡਾ ਦੇ ਹੋਰ ਸਾਰੇ ਹਵਾਈ ਅੱਡਿਆਂ ਉਪਰ ਪਵੇਗਾ। ਵਰਨਣਯੋਗ ਹੈ ਕਿ ਟਰਾਂਟੋ ਦਾ ਹਵਾਈ ਅੱਡਾ ਹੋਰ ਸਾਰੇ ਅੱਡਿਆਂ 'ਚ ਰੁਝੇਵਿਆਂ ਵਾਲਾ ਅੱਡਾ ਹੈ।
WORLD SIKH NEWS
Subscription/Renewal/Change of Address
New Subscription	Renewal
U.S.A. $50.00	Canada $60.00
NAME
STREET
CITY	STATE	ZIP
TELEPHONE
PROFESSION
ing/money order for $
Change of address & renewal
Please attach the mailing label from the front page for subscription renewal or change of address. Write in the new address above.
COMPLIMENTARY COPY: Would you like us to mail a complimentary copy to your friend? Just fill in his address above and mail it to us. Our latest issue will be promptly sent to your friend.
Please cut off this form and mail to:
World Sikh News
7720 Lorraine Ave., Suite #107, Stockton, CA 95210
Telephone: (209) 473-7467 or Fax (209) 473-7504
